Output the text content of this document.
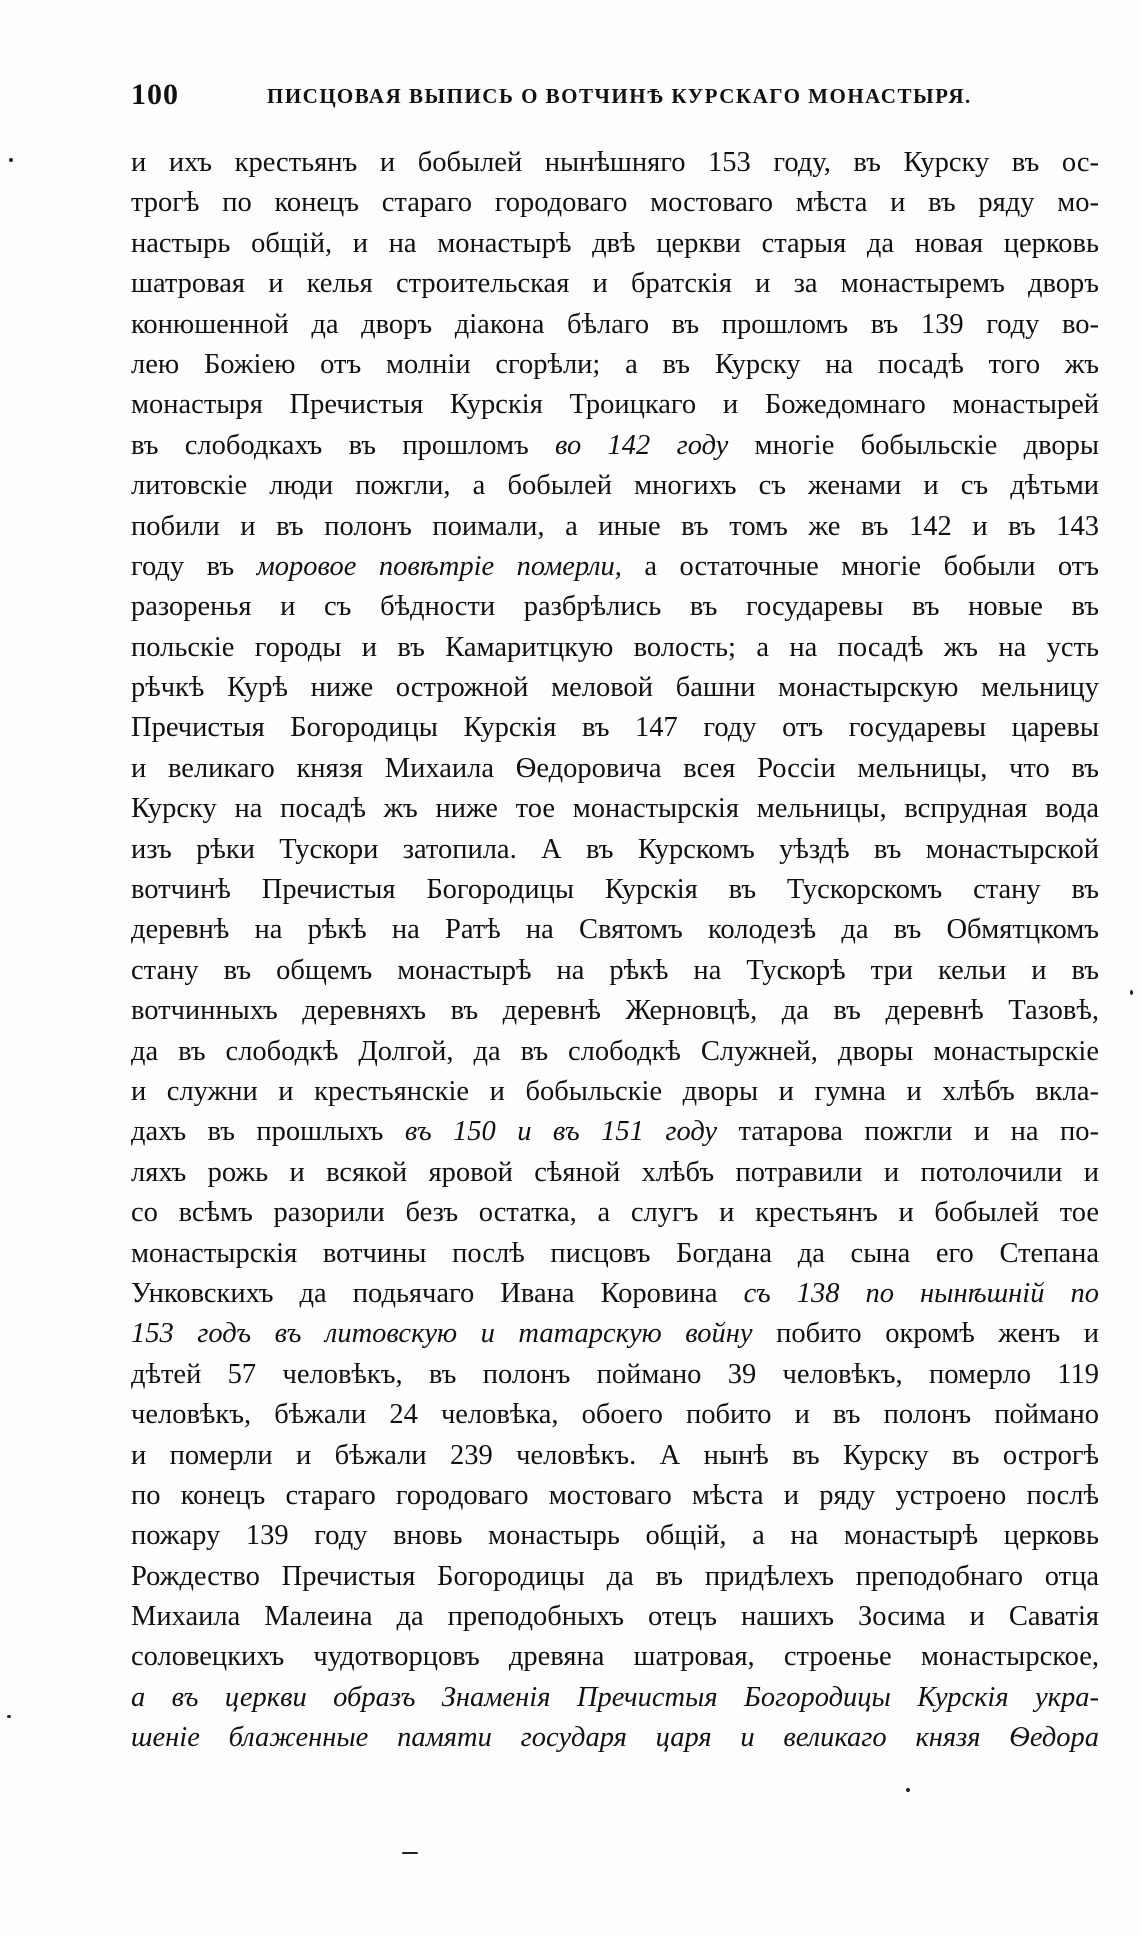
100	ПИСЦОВАЯ ВЫПИСЬ О ВОТЧИНѢ КУРСКАГО МОНАСТЫРЯ.
и ихъ крестьянъ и бобылей нынѣшняго 153 году, въ Курску въ ос-
трогѣ по конецъ стараго городоваго мостоваго мѣста и въ ряду мо-
настырь общій, и на монастырѣ двѣ церкви старыя да новая церковь
шатровая и келья строительская и братскія и за монастыремъ дворъ
конюшенной да дворъ діакона бѣлаго въ прошломъ въ 139 году во-
лею Божіею отъ молніи сгорѣли; а въ Курску на посадѣ того жъ
монастыря Пречистыя Курскія Троицкаго и Божедомнаго монастырей
въ слободкахъ въ прошломъ во 142 году многіе бобыльскіе дворы
литовскіе люди пожгли, а бобылей многихъ съ женами и съ дѣтьми
побили и въ полонъ поимали, а иные въ томъ же въ 142 и въ 143
году въ моровое повѣтріе померли, а остаточные многіе бобыли отъ
разоренья и съ бѣдности разбрѣлись въ государевы въ новые въ
польскіе городы и въ Камаритцкую волость; а на посадѣ жъ на усть
рѣчкѣ Курѣ ниже острожной меловой башни монастырскую мельницу
Пречистыя Богородицы Курскія въ 147 году отъ государевы царевы
и великаго князя Михаила Ѳедоровича всея Россіи мельницы, что въ
Курску на посадѣ жъ ниже тое монастырскія мельницы, вспрудная вода
изъ рѣки Тускори затопила. А въ Курскомъ уѣздѣ въ монастырской
вотчинѣ Пречистыя Богородицы Курскія въ Тускорскомъ стану въ
деревнѣ на рѣкѣ на Ратѣ на Святомъ колодезѣ да въ Обмятцкомъ
стану въ общемъ монастырѣ на рѣкѣ на Тускорѣ три кельи и въ
вотчинныхъ деревняхъ въ деревнѣ Жерновцѣ, да въ деревнѣ Тазовѣ,
да въ слободкѣ Долгой, да въ слободкѣ Служней, дворы монастырскіе
и служни и крестьянскіе и бобыльскіе дворы и гумна и хлѣбъ вкла-
дахъ въ прошлыхъ въ 150 и въ 151 году татарова пожгли и на по-
ляхъ рожь и всякой яровой сѣяной хлѣбъ потравили и потолочили и
со всѣмъ разорили безъ остатка, а слугъ и крестьянъ и бобылей тое
монастырскія вотчины послѣ писцовъ Богдана да сына его Степана
Унковскихъ да подьячаго Ивана Коровина съ 138 по нынѣшній по
153 годъ въ литовскую и татарскую войну побито окромѣ женъ и
дѣтей 57 человѣкъ, въ полонъ поймано 39 человѣкъ, померло 119
человѣкъ, бѣжали 24 человѣка, обоего побито и въ полонъ поймано
и померли и бѣжали 239 человѣкъ. А нынѣ въ Курску въ острогѣ
по конецъ стараго городоваго мостоваго мѣста и ряду устроено послѣ
пожару 139 году вновь монастырь общій, а на монастырѣ церковь
Рождество Пречистыя Богородицы да въ придѣлехъ преподобнаго отца
Михаила Малеина да преподобныхъ отецъ нашихъ Зосима и Саватія
соловецкихъ чудотворцовъ древяна шатровая, строенье монастырское,
а въ церкви образъ Знаменія Пречистыя Богородицы Курскія укра-
шеніе блаженные памяти государя царя и великаго князя Ѳедора
